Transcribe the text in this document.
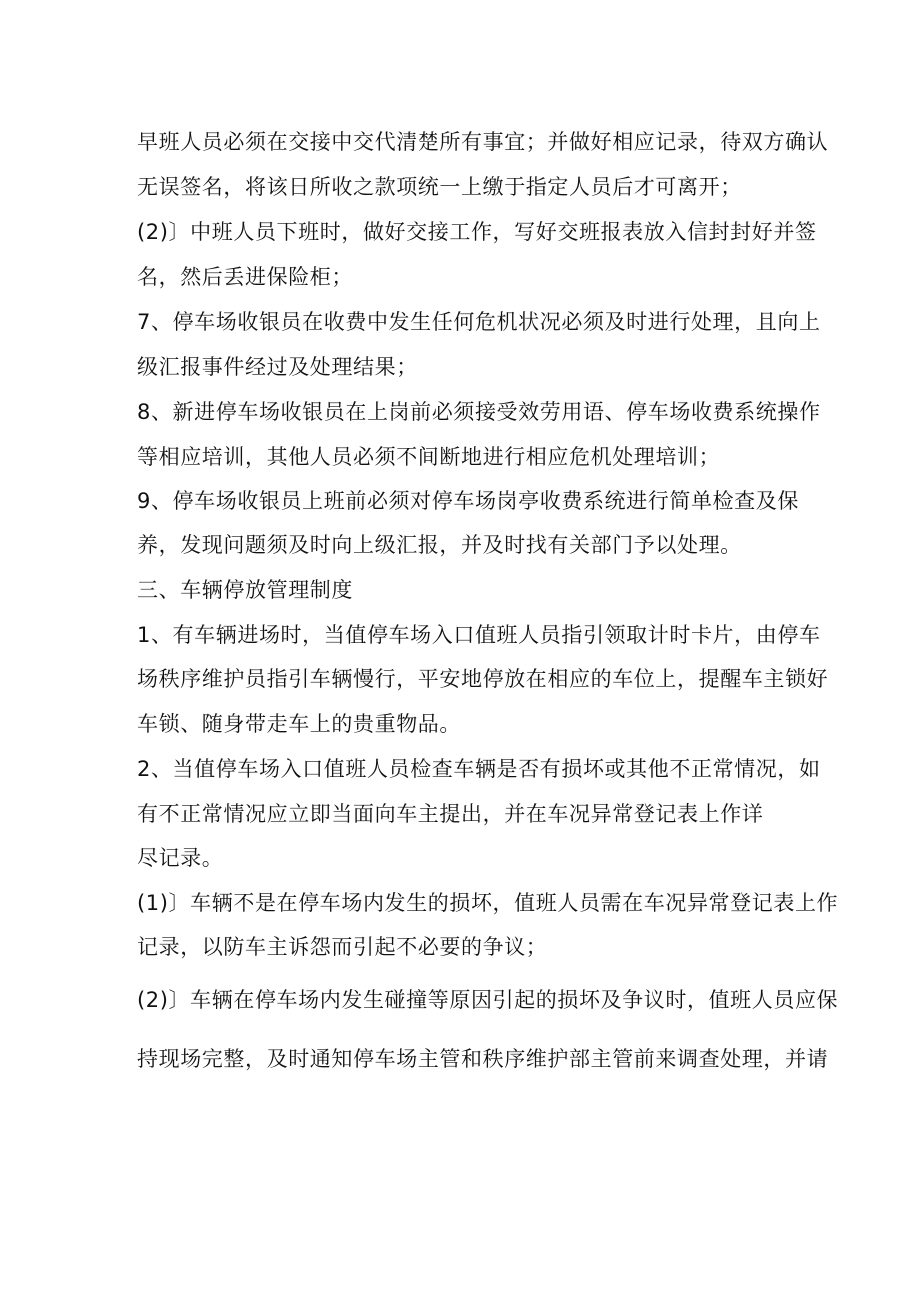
早班人员必须在交接中交代清楚所有事宜；并做好相应记录，待双方确认
无误签名，将该日所收之款项统一上缴于指定人员后才可离开；
(2)〕中班人员下班时，做好交接工作，写好交班报表放入信封封好并签
名，然后丢进保险柜；
7、停车场收银员在收费中发生任何危机状况必须及时进行处理，且向上
级汇报事件经过及处理结果；
8、新进停车场收银员在上岗前必须接受效劳用语、停车场收费系统操作
等相应培训，其他人员必须不间断地进行相应危机处理培训；
9、停车场收银员上班前必须对停车场岗亭收费系统进行简单检查及保
养，发现问题须及时向上级汇报，并及时找有关部门予以处理。
三、车辆停放管理制度
1、有车辆进场时，当值停车场入口值班人员指引领取计时卡片，由停车
场秩序维护员指引车辆慢行，平安地停放在相应的车位上，提醒车主锁好
车锁、随身带走车上的贵重物品。
2、当值停车场入口值班人员检查车辆是否有损坏或其他不正常情况，如
有不正常情况应立即当面向车主提出，并在车况异常登记表上作详
尽记录。
(1)〕车辆不是在停车场内发生的损坏，值班人员需在车况异常登记表上作
记录，以防车主诉怨而引起不必要的争议；
(2)〕车辆在停车场内发生碰撞等原因引起的损坏及争议时，值班人员应保
持现场完整，及时通知停车场主管和秩序维护部主管前来调查处理，并请
